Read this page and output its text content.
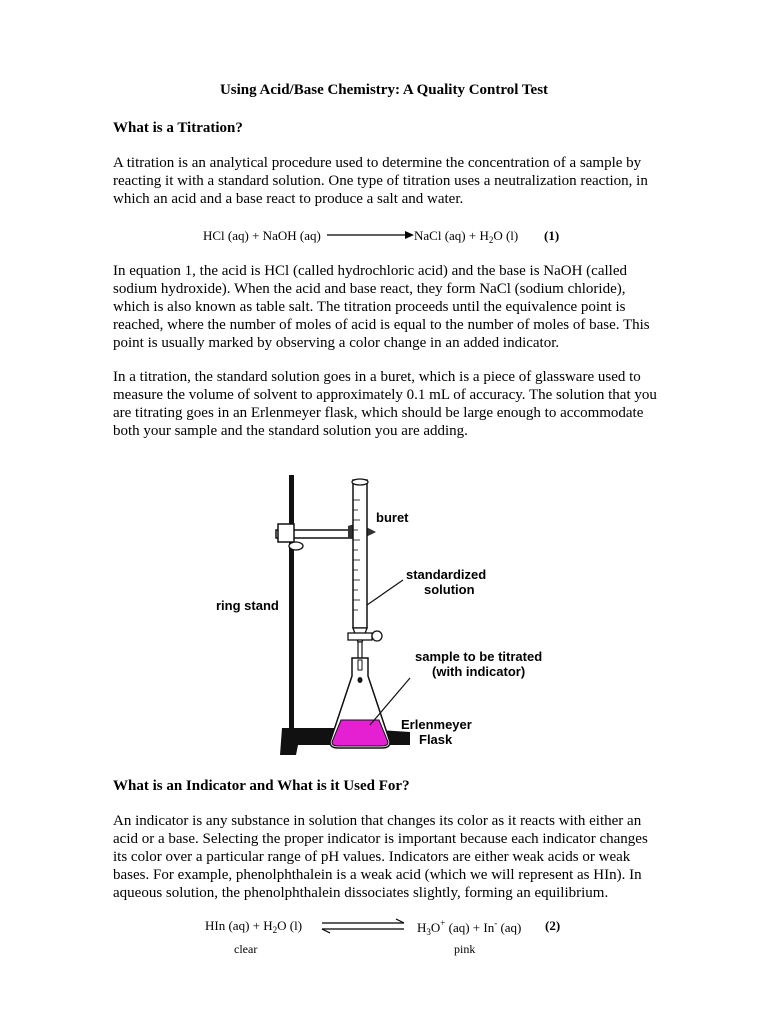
Using Acid/Base Chemistry: A Quality Control Test
What is a Titration?
A titration is an analytical procedure used to determine the concentration of a sample by reacting it with a standard solution. One type of titration uses a neutralization reaction, in which an acid and a base react to produce a salt and water.
HCl (aq) + NaOH (aq)	NaCl $(aq) + H_2O$ (l) (1)
In equation 1, the acid is HCl (called hydrochloric acid) and the base is NaOH (called sodium hydroxide). When the acid and base react, they form NaCl (sodium chloride), which is also known as table salt. The titration proceeds until the equivalence point is reached, where the number of moles of acid is equal to the number of moles of base. This point is usually marked by observing a color change in an added indicator.
In a titration, the standard solution goes in a buret, which is a piece of glassware used to measure the volume of solvent to approximately 0.1 mL of accuracy. The solution that you are titrating goes in an Erlenmeyer flask, which should be large enough to accommodate both your sample and the standard solution you are adding.
buret
standardized
solution
ring stand
sample to be titrated
(with indicator)
Erlenmeyer
Flask
What is an Indicator and What is it Used For?
An indicator is any substance in solution that changes its color as it reacts with either an acid or a base. Selecting the proper indicator is important because each indicator changes its color over a particular range of pH values. Indicators are either weak acids or weak bases. For example, phenolphthalein is a weak acid (which we will represent as HIn). In aqueous solution, the phenolphthalein dissociates slightly, forming an equilibrium.
HIn $(aq) + H_2O$ (l)	$H_3O^+$ (aq) + In- (aq) (2)
clear	pink
